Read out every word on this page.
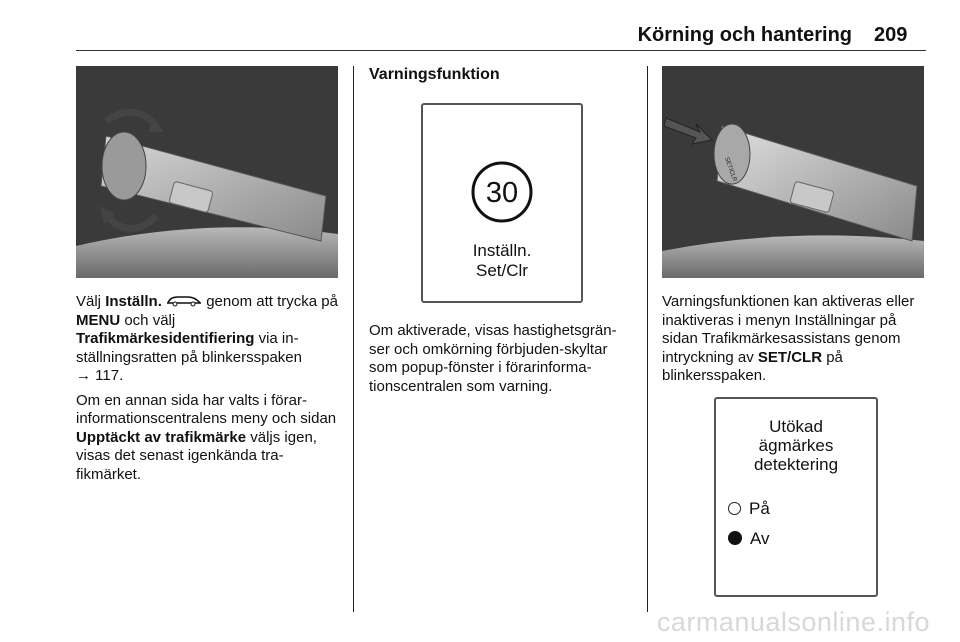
Körning och hantering 209

Välj Inställn.	genom att trycka på MENU och välj
Trafikmärkesidentifiering via in-ställningsratten på blinkersspaken
→ 117.

Om en annan sida har valts i förar-informationscentralens meny och sidan Upptäckt av trafikmärke väljs igen, visas det senast igenkända tra-fikmärket.

Varningsfunktion
30
Inställn.
Set/Clr

Om aktiverade, visas hastighetsgrän-ser och omkörning förbjuden-skyltar som popup-fönster i förarinforma-tionscentralen som varning.

SET/CLR

Varningsfunktionen kan aktiveras eller inaktiveras i menyn Inställningar på sidan Trafikmärkesassistans genom intryckning av SET/CLR på blinkersspaken.

Utökad
ägmärkes
detektering
På
Av
carmanualsonline.info
